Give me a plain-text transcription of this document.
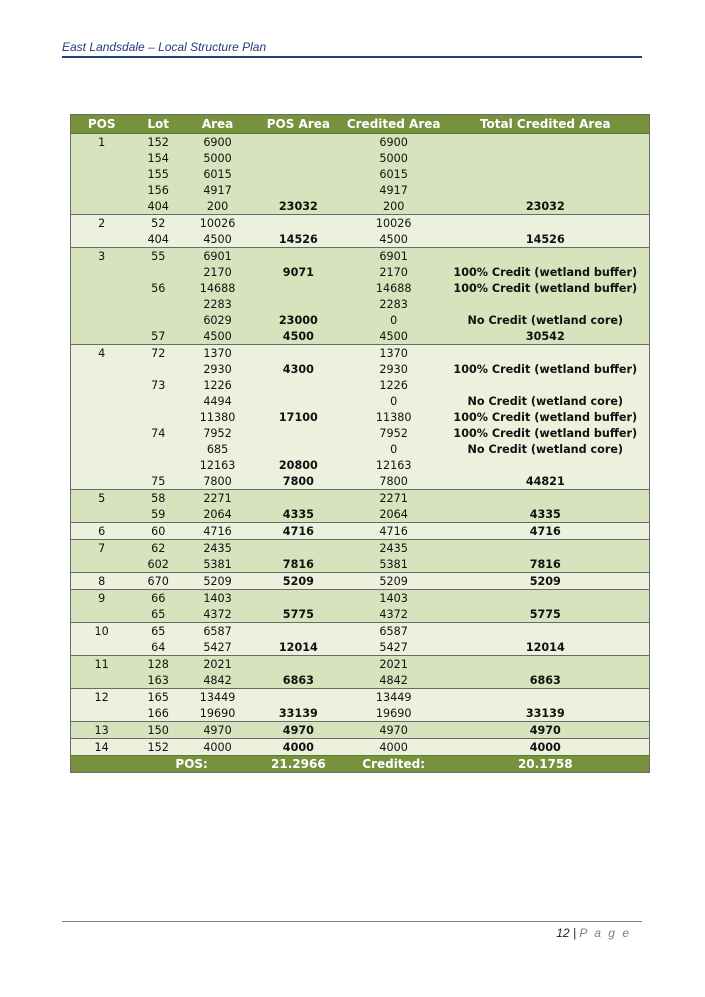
East Landsdale – Local Structure Plan
POS	Lot	Area	POS Area	Credited Area	Total Credited Area
1	152	6900		6900	
	154	5000		5000	
	155	6015		6015	
	156	4917		4917	
	404	200	23032	200	23032
2	52	10026		10026	
	404	4500	14526	4500	14526
3	55	6901		6901	
		2170	9071	2170	100% Credit (wetland buffer)
	56	14688		14688	100% Credit (wetland buffer)
		2283		2283	
		6029	23000	0	No Credit (wetland core)
	57	4500	4500	4500	30542
4	72	1370		1370	
		2930	4300	2930	100% Credit (wetland buffer)
	73	1226		1226	
		4494		0	No Credit (wetland core)
		11380	17100	11380	100% Credit (wetland buffer)
	74	7952		7952	100% Credit (wetland buffer)
		685		0	No Credit (wetland core)
		12163	20800	12163	
	75	7800	7800	7800	44821
5	58	2271		2271	
	59	2064	4335	2064	4335
6	60	4716	4716	4716	4716
7	62	2435		2435	
	602	5381	7816	5381	7816
8	670	5209	5209	5209	5209
9	66	1403		1403	
	65	4372	5775	4372	5775
10	65	6587		6587	
	64	5427	12014	5427	12014
11	128	2021		2021	
	163	4842	6863	4842	6863
12	165	13449		13449	
	166	19690	33139	19690	33139
13	150	4970	4970	4970	4970
14	152	4000	4000	4000	4000
	POS:		21.2966	Credited:	20.1758
12 | P a g e
